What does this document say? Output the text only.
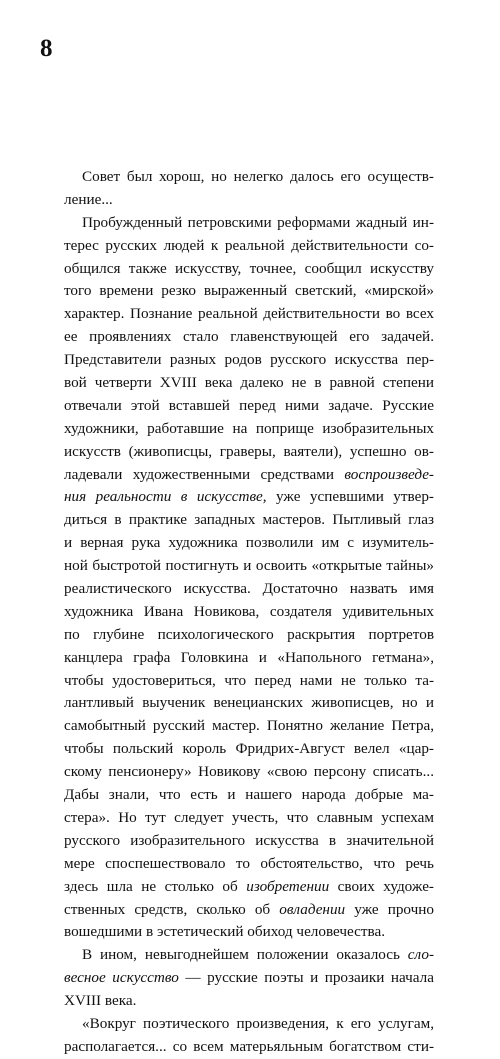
8
Совет был хорош, но нелегко далось его осуществ-
ление...
Пробужденный петровскими реформами жадный ин-
терес русских людей к реальной действительности со-
общился также искусству, точнее, сообщил искусству
того времени резко выраженный светский, «мирской»
характер. Познание реальной действительности во всех
ее проявлениях стало главенствующей его задачей.
Представители разных родов русского искусства пер-
вой четверти XVIII века далеко не в равной степени
отвечали этой вставшей перед ними задаче. Русские
художники, работавшие на поприще изобразительных
искусств (живописцы, граверы, ваятели), успешно ов-
ладевали художественными средствами воспроизведе-
ния реальности в искусстве, уже успевшими утвер-
диться в практике западных мастеров. Пытливый глаз
и верная рука художника позволили им с изумитель-
ной быстротой постигнуть и освоить «открытые тайны»
реалистического искусства. Достаточно назвать имя
художника Ивана Новикова, создателя удивительных
по глубине психологического раскрытия портретов
канцлера графа Головкина и «Напольного гетмана»,
чтобы удостовериться, что перед нами не только та-
лантливый выученик венецианских живописцев, но и
самобытный русский мастер. Понятно желание Петра,
чтобы польский король Фридрих-Август велел «цар-
скому пенсионеру» Новикову «свою персону списать...
Дабы знали, что есть и нашего народа добрые ма-
стера». Но тут следует учесть, что славным успехам
русского изобразительного искусства в значительной
мере споспешествовало то обстоятельство, что речь
здесь шла не столько об изобретении своих художе-
ственных средств, сколько об овладении уже прочно
вошедшими в эстетический обиход человечества.
В ином, невыгоднейшем положении оказалось сло-
весное искусство — русские поэты и прозаики начала
XVIII века.
«Вокруг поэтического произведения, к его услугам,
располагается... со всем матерьяльным богатством сти-
